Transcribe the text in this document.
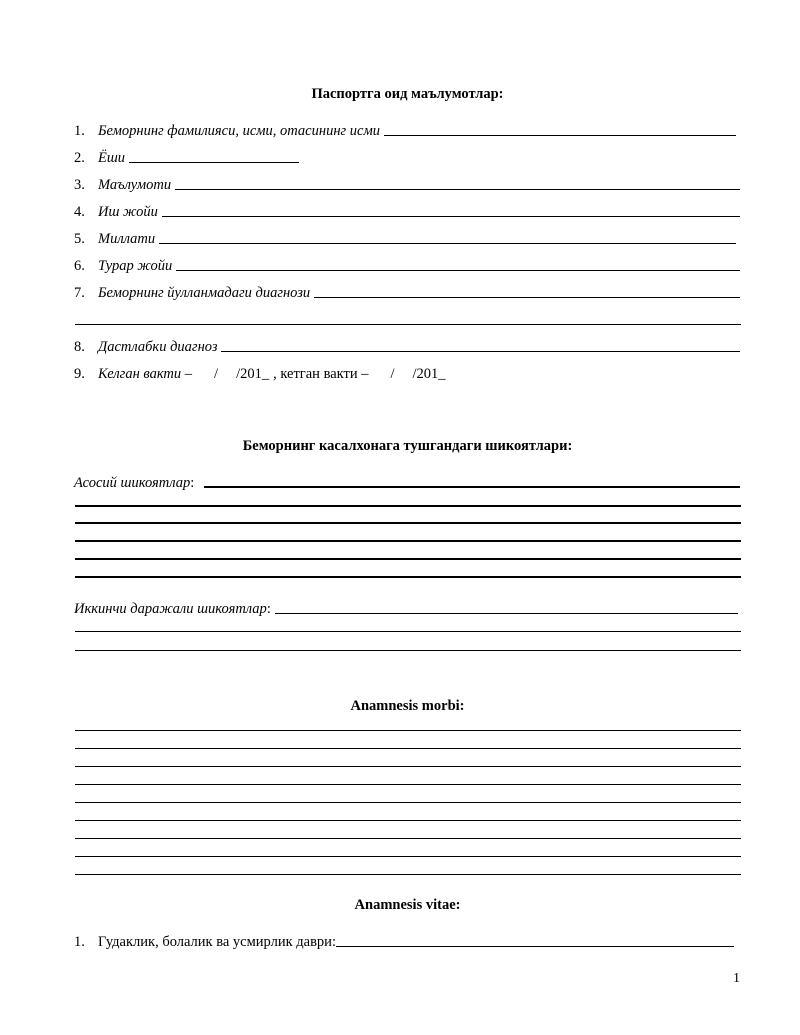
Паспортга оид маълумотлар:
1. Беморнинг фамилияси, исми, отасининг исми
2. Ёши
3. Маълумоти
4. Иш жойи
5. Миллати
6. Турар жойи
7. Беморнинг йулланмадаги диагнози
8. Дастлабки диагноз
9. Келган вакти – / /201_ , кетган вакти – / /201_
Беморнинг касалхонага тушгандаги шикоятлари:
Асосий шикоятлар :
Иккинчи даражали шикоятлар :
Anamnesis morbi:
Anamnesis vitae:
1. Гудаклик, болалик ва усмирлик даври:
1
